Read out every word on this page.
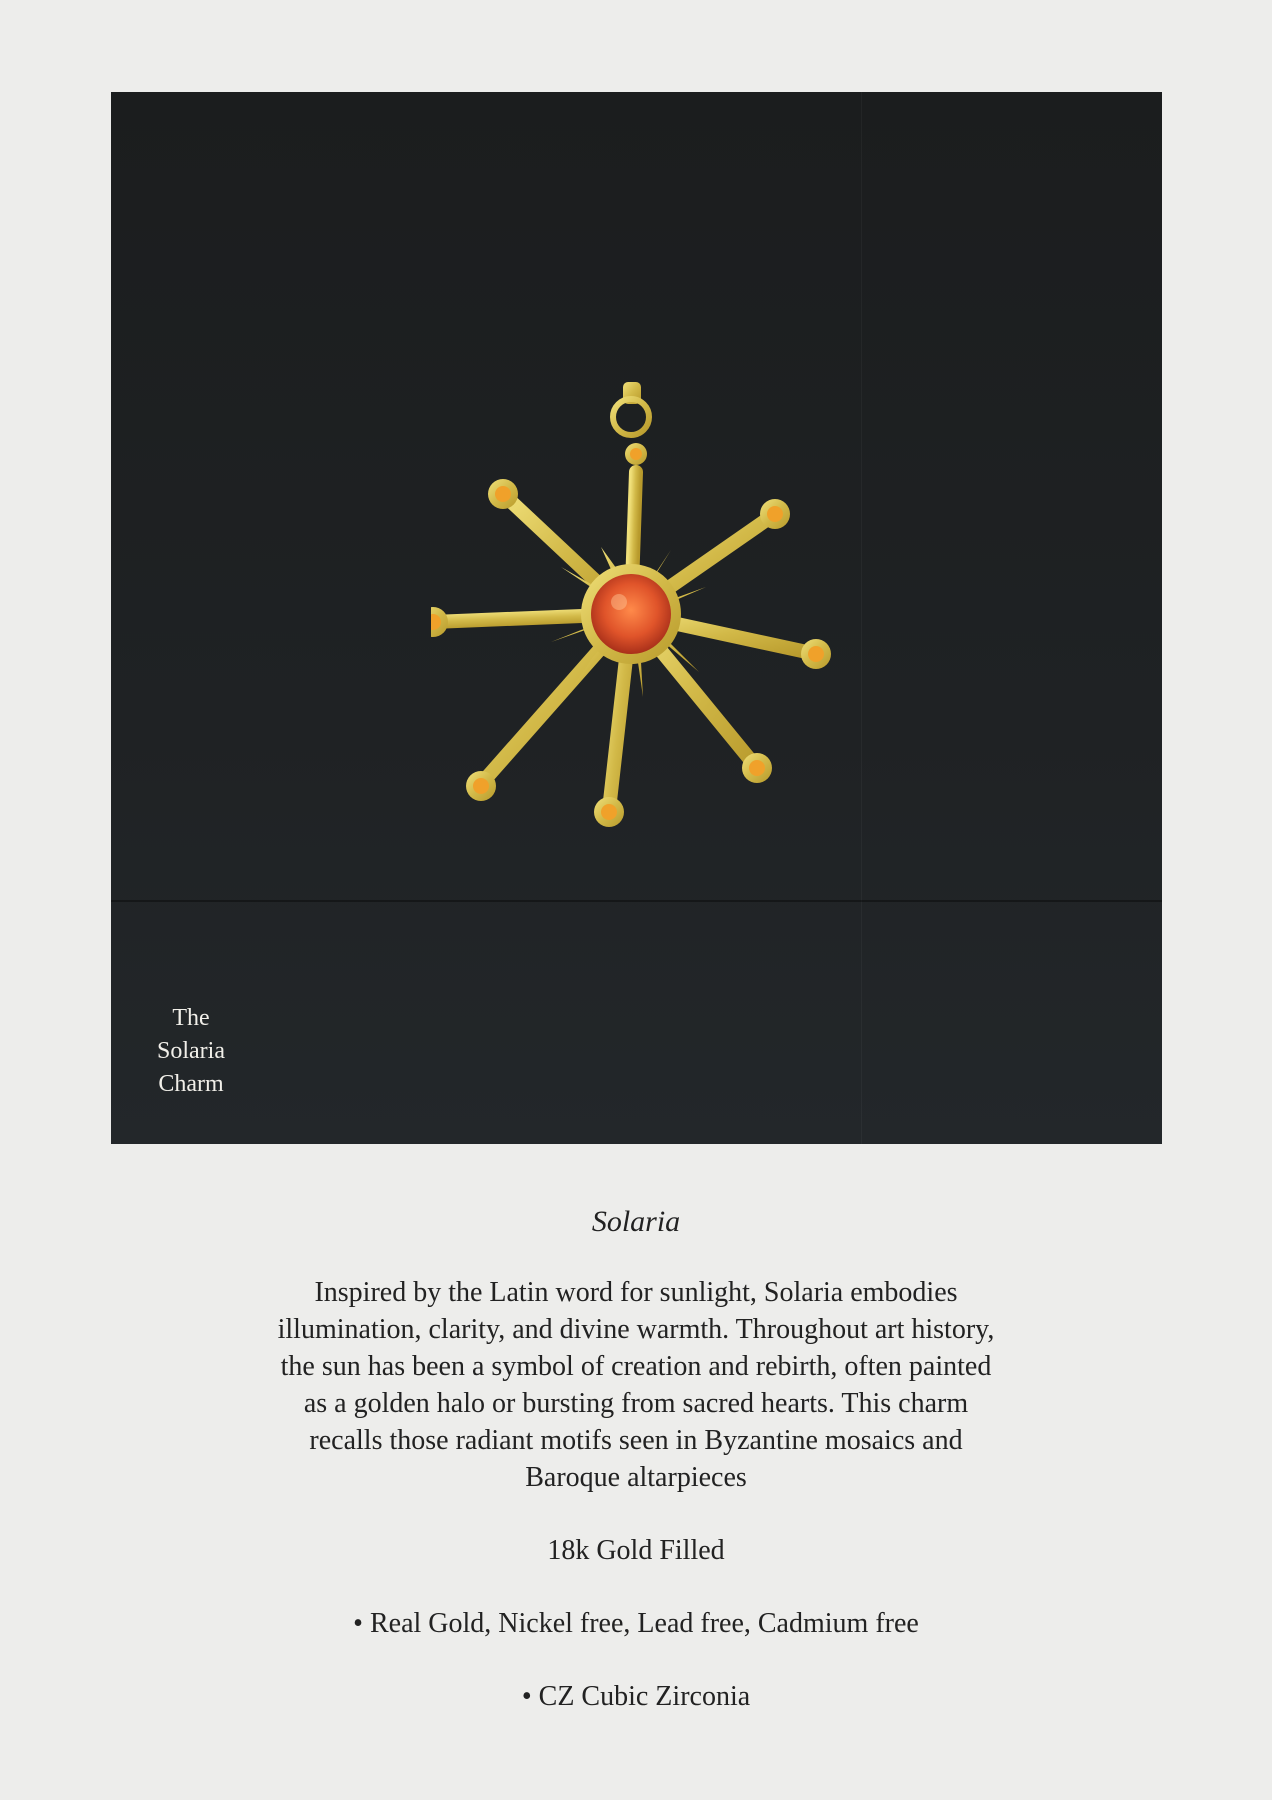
The
Solaria
Charm

Solaria

Inspired by the Latin word for sunlight, Solaria embodies illumination, clarity, and divine warmth. Throughout art history, the sun has been a symbol of creation and rebirth, often painted as a golden halo or bursting from sacred hearts. This charm recalls those radiant motifs seen in Byzantine mosaics and Baroque altarpieces

18k Gold Filled

• Real Gold, Nickel free, Lead free, Cadmium free

• CZ Cubic Zirconia
